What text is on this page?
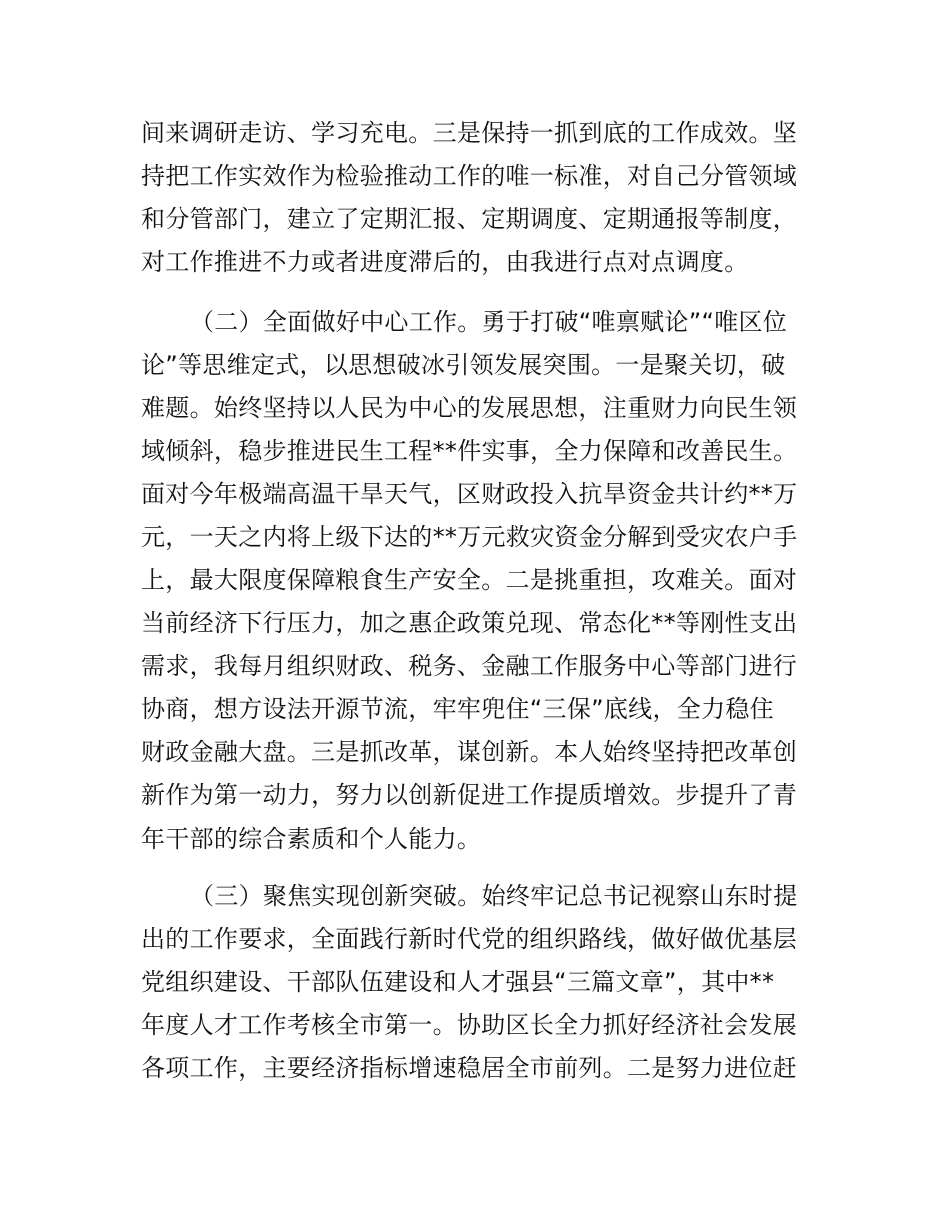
间来调研走访、学习充电。三是保持一抓到底的工作成效。坚
持把工作实效作为检验推动工作的唯一标准，对自己分管领域
和分管部门，建立了定期汇报、定期调度、定期通报等制度，
对工作推进不力或者进度滞后的，由我进行点对点调度。
（二）全面做好中心工作。勇于打破“唯禀赋论”“唯区位
论”等思维定式，以思想破冰引领发展突围。一是聚关切，破
难题。始终坚持以人民为中心的发展思想，注重财力向民生领
域倾斜，稳步推进民生工程**件实事，全力保障和改善民生。
面对今年极端高温干旱天气，区财政投入抗旱资金共计约**万
元，一天之内将上级下达的**万元救灾资金分解到受灾农户手
上，最大限度保障粮食生产安全。二是挑重担，攻难关。面对
当前经济下行压力，加之惠企政策兑现、常态化**等刚性支出
需求，我每月组织财政、税务、金融工作服务中心等部门进行
协商，想方设法开源节流，牢牢兜住“三保”底线，全力稳住
财政金融大盘。三是抓改革，谋创新。本人始终坚持把改革创
新作为第一动力，努力以创新促进工作提质增效。步提升了青
年干部的综合素质和个人能力。
（三）聚焦实现创新突破。始终牢记总书记视察山东时提
出的工作要求，全面践行新时代党的组织路线，做好做优基层
党组织建设、干部队伍建设和人才强县“三篇文章”，其中**
年度人才工作考核全市第一。协助区长全力抓好经济社会发展
各项工作，主要经济指标增速稳居全市前列。二是努力进位赶
